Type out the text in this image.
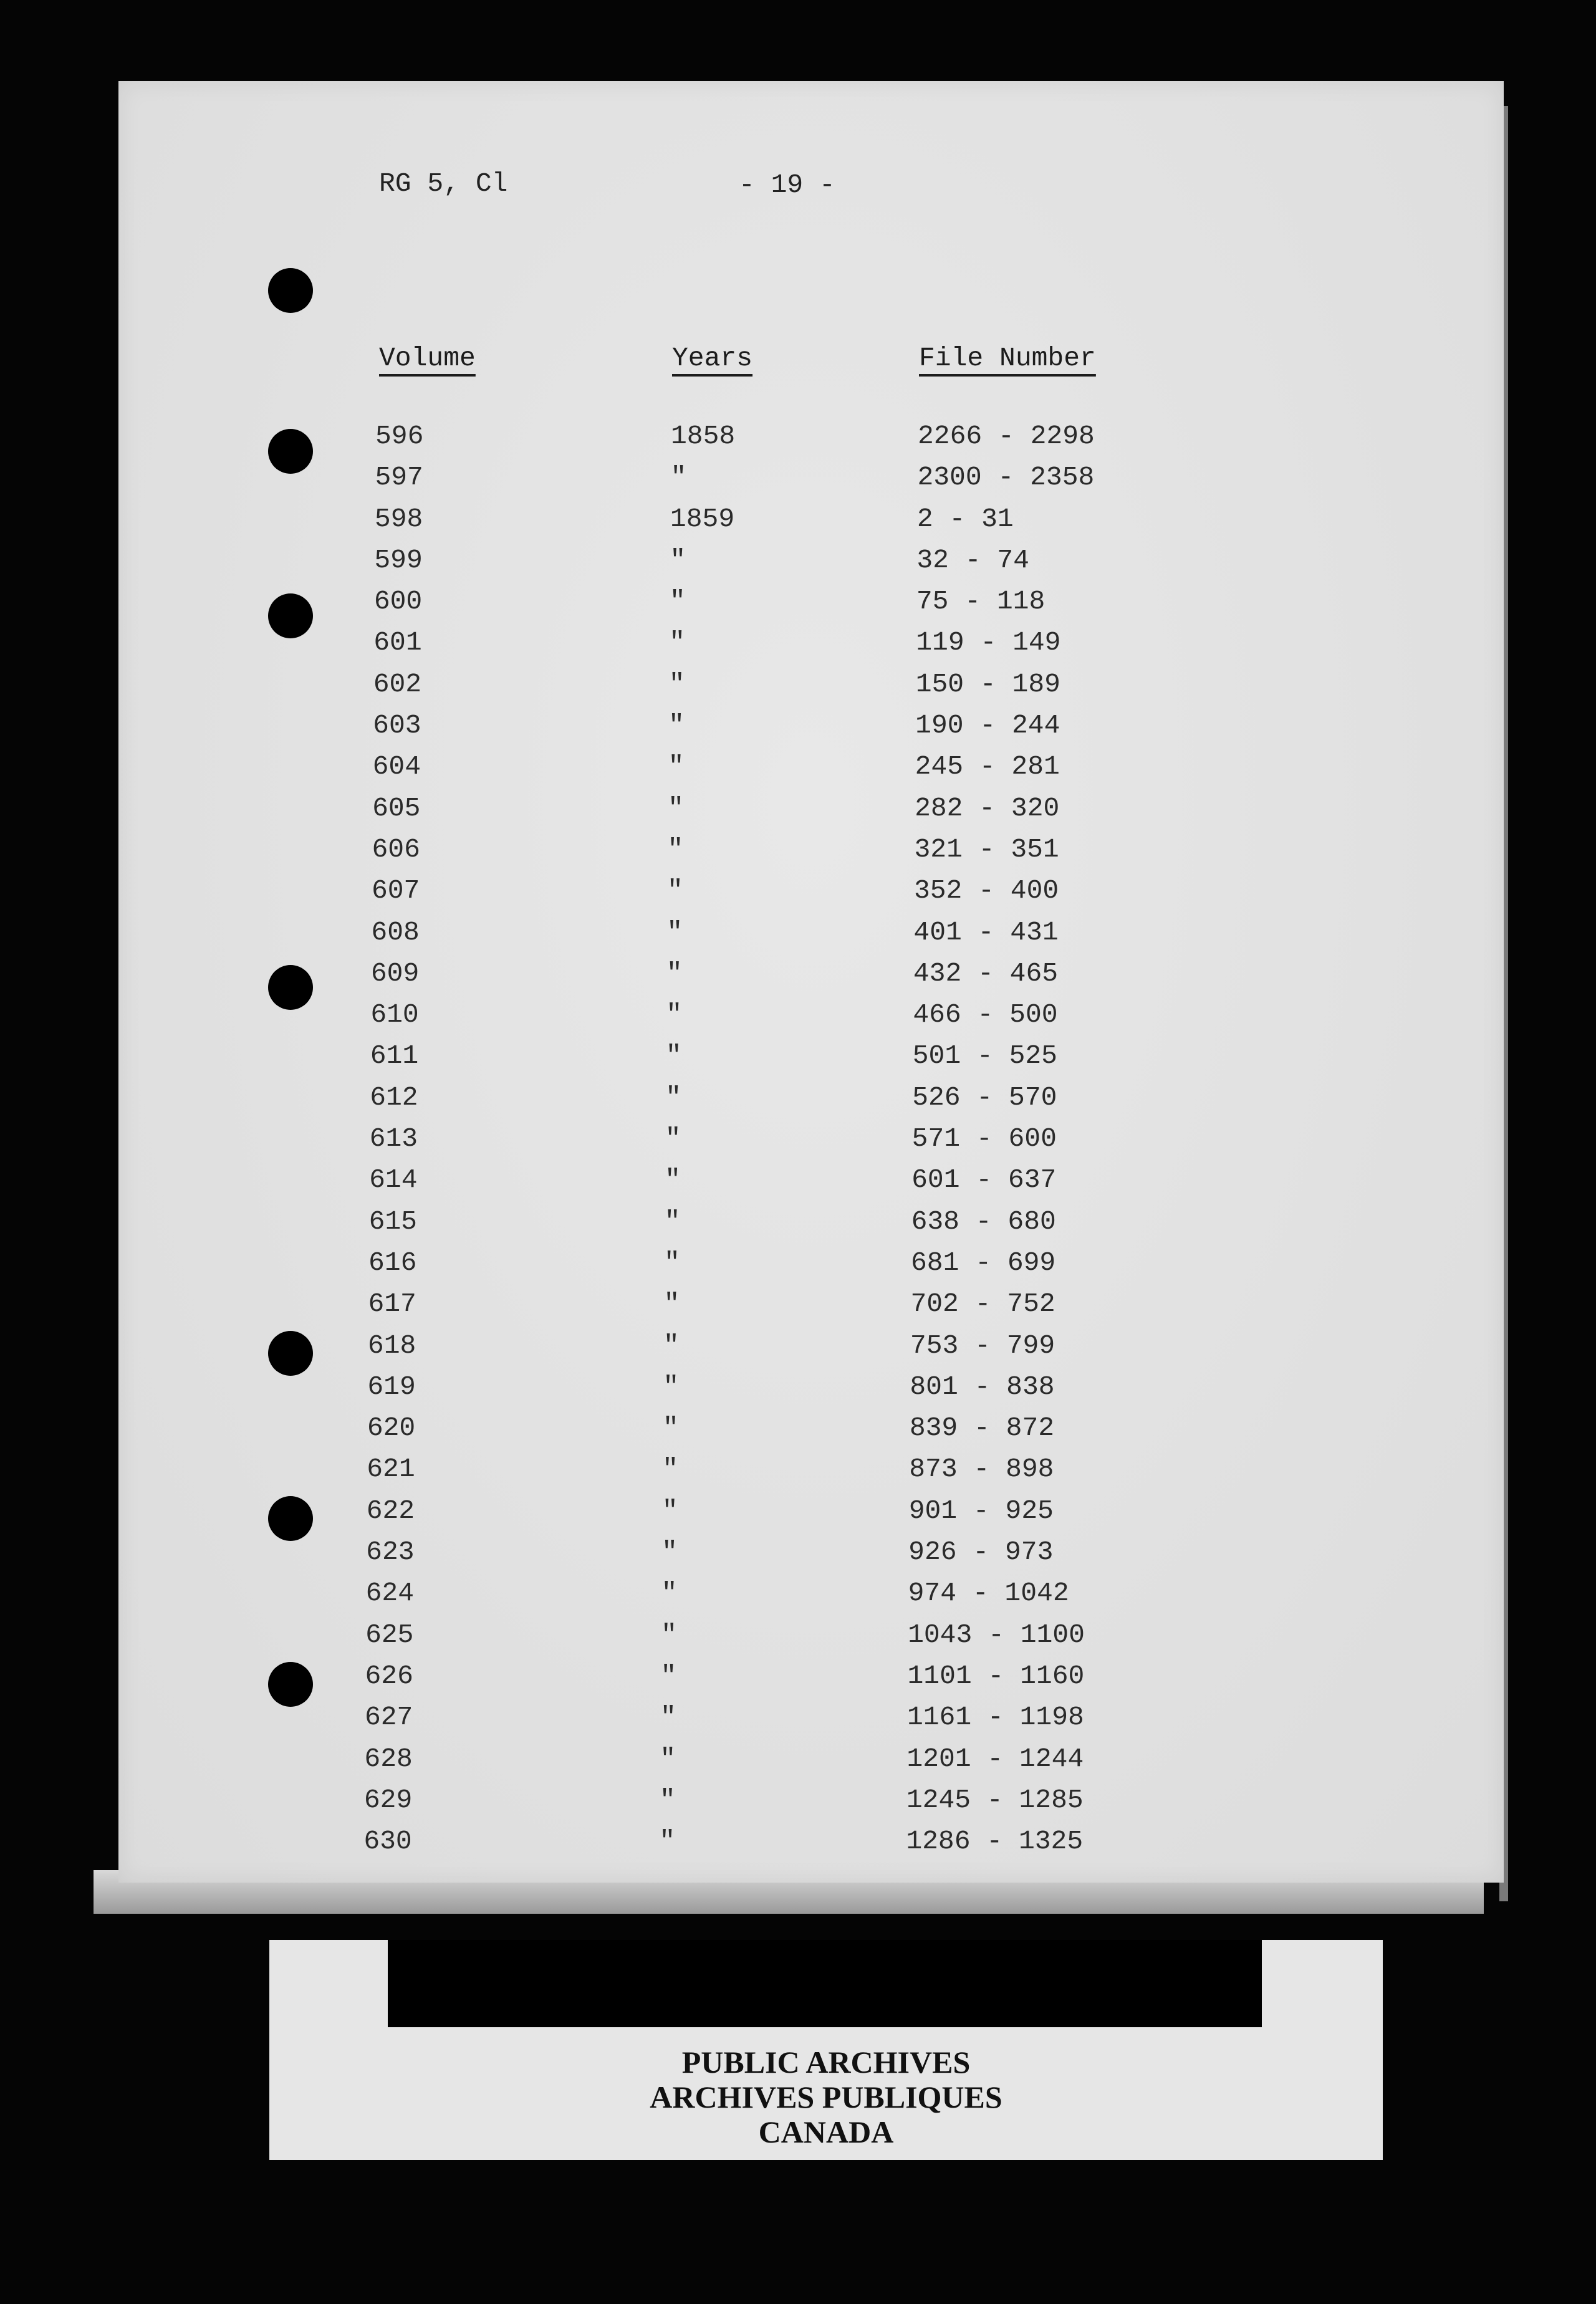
RG 5, Cl	- 19 -
Volume	Years	File Number
596	1858	2266 - 2298
597	"	2300 - 2358
598	1859	2 - 31
599	"	32 - 74
600	"	75 - 118
601	"	119 - 149
602	"	150 - 189
603	"	190 - 244
604	"	245 - 281
605	"	282 - 320
606	"	321 - 351
607	"	352 - 400
608	"	401 - 431
609	"	432 - 465
610	"	466 - 500
611	"	501 - 525
612	"	526 - 570
613	"	571 - 600
614	"	601 - 637
615	"	638 - 680
616	"	681 - 699
617	"	702 - 752
618	"	753 - 799
619	"	801 - 838
620	"	839 - 872
621	"	873 - 898
622	"	901 - 925
623	"	926 - 973
624	"	974 - 1042
625	"	1043 - 1100
626	"	1101 - 1160
627	"	1161 - 1198
628	"	1201 - 1244
629	"	1245 - 1285
630	"	1286 - 1325
PUBLIC ARCHIVES
ARCHIVES PUBLIQUES
CANADA
